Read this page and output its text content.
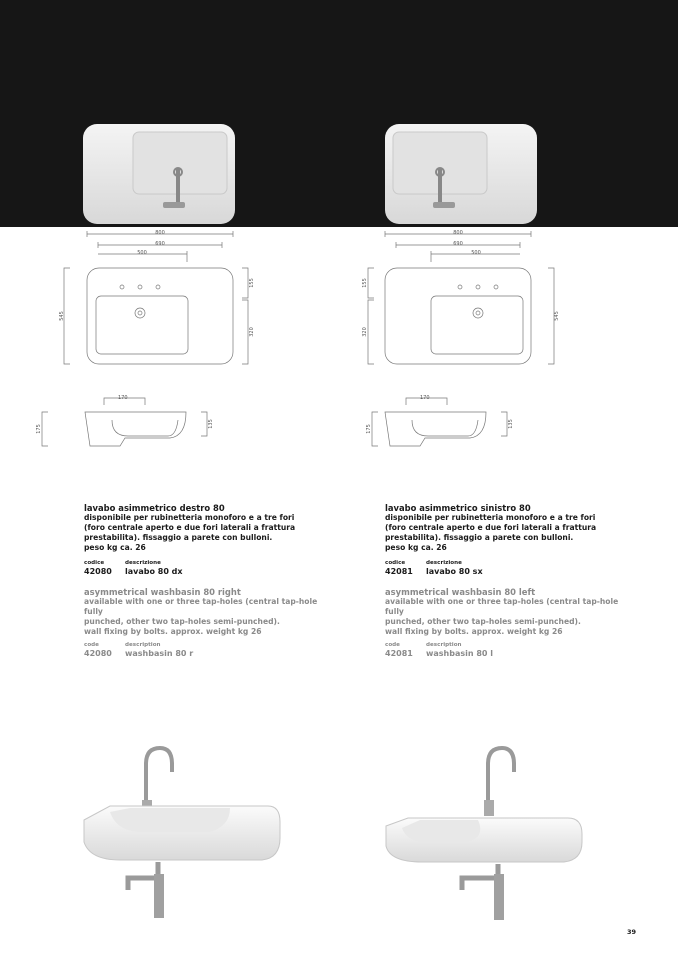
800
690
500
545
155
320
170
175
135
800
690
500
155
320
545
170
175
135
lavabo asimmetrico destro 80
disponibile per rubinetteria monoforo e a tre fori
(foro centrale aperto e due fori laterali a frattura
prestabilita). fissaggio a parete con bulloni.
peso kg ca. 26
codice
42080
descrizione
lavabo 80 dx
asymmetrical washbasin 80 right
available with one or three tap-holes (central tap-hole fully
punched, other two tap-holes semi-punched).
wall fixing by bolts. approx. weight kg 26
code
42080
description
washbasin 80 r
lavabo asimmetrico sinistro 80
disponibile per rubinetteria monoforo e a tre fori
(foro centrale aperto e due fori laterali a frattura
prestabilita). fissaggio a parete con bulloni.
peso kg ca. 26
codice
42081
descrizione
lavabo 80 sx
asymmetrical washbasin 80 left
available with one or three tap-holes (central tap-hole fully
punched, other two tap-holes semi-punched).
wall fixing by bolts. approx. weight kg 26
code
42081
description
washbasin 80 l
39
